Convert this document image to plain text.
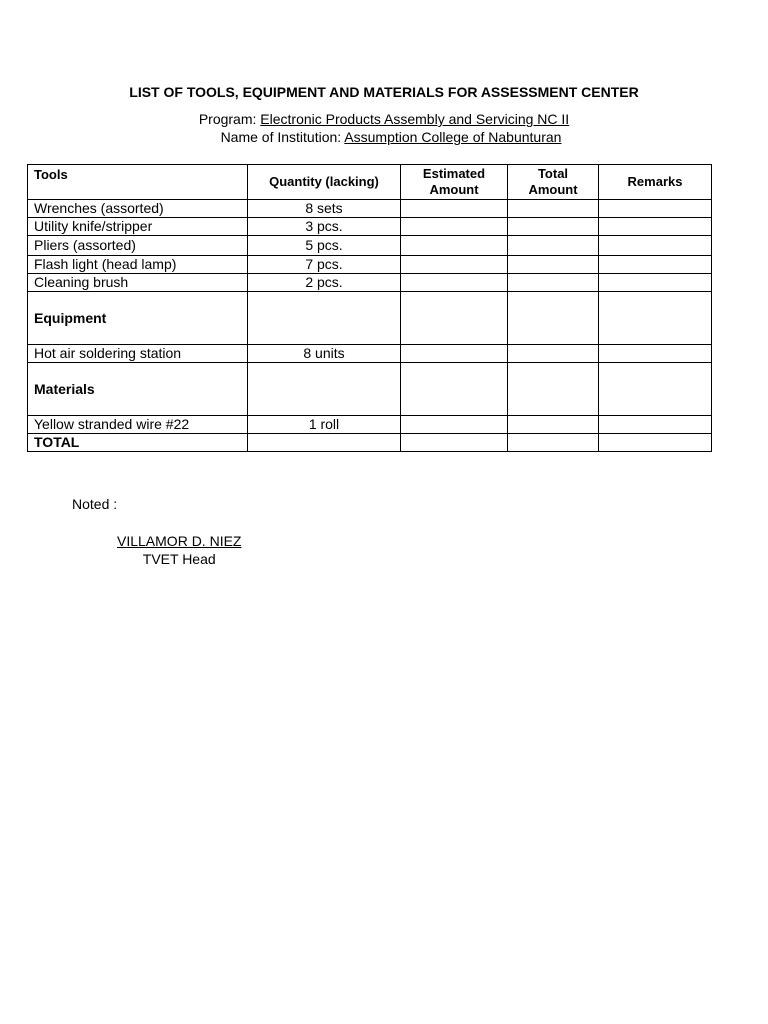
LIST OF TOOLS, EQUIPMENT AND MATERIALS FOR ASSESSMENT CENTER
Program: Electronic Products Assembly and Servicing NC II
Name of Institution: Assumption College of Nabunturan
Tools	Quantity (lacking)	Estimated Amount	Total Amount	Remarks
Wrenches (assorted)	8 sets			
Utility knife/stripper	3 pcs.			
Pliers (assorted)	5 pcs.			
Flash light (head lamp)	7 pcs.			
Cleaning brush	2 pcs.			
Equipment				
Hot air soldering station	8 units			
Materials				
Yellow stranded wire #22	1 roll			
TOTAL				
Noted :
VILLAMOR D. NIEZ
TVET Head
